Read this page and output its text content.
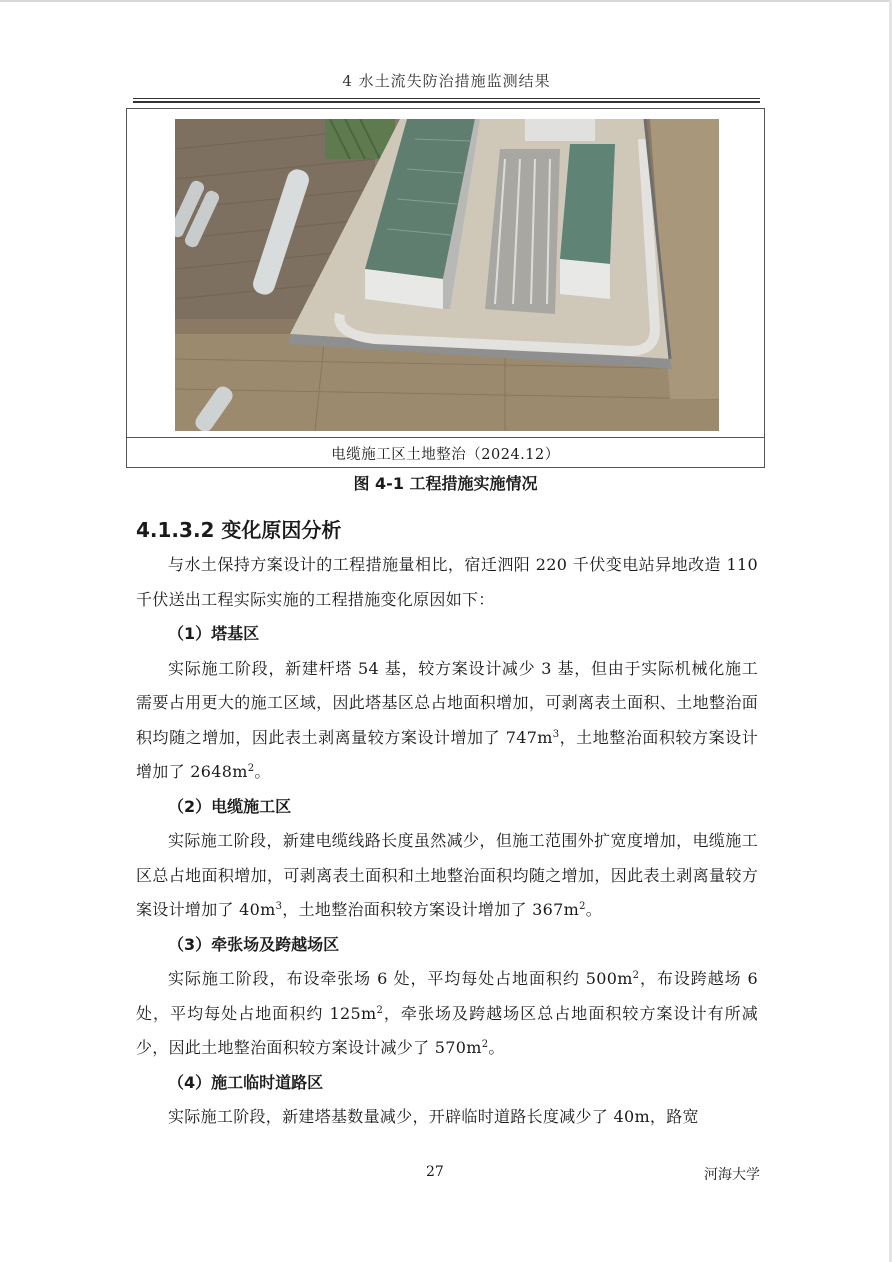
4 水土流失防治措施监测结果
电缆施工区土地整治（2024.12）
图 4-1 工程措施实施情况
4.1.3.2 变化原因分析

与水土保持方案设计的工程措施量相比，宿迁泗阳 220 千伏变电站异地改造 110 千伏送出工程实际实施的工程措施变化原因如下：

（1）塔基区

实际施工阶段，新建杆塔 54 基，较方案设计减少 3 基，但由于实际机械化施工需要占用更大的施工区域，因此塔基区总占地面积增加，可剥离表土面积、土地整治面积均随之增加，因此表土剥离量较方案设计增加了 $747m^3$，土地整治面积较方案设计增加了 $2648m^2$。

（2）电缆施工区

实际施工阶段，新建电缆线路长度虽然减少，但施工范围外扩宽度增加，电缆施工区总占地面积增加，可剥离表土面积和土地整治面积均随之增加，因此表土剥离量较方案设计增加了 $40m^3$，土地整治面积较方案设计增加了 $367m^2$。

（3）牵张场及跨越场区

实际施工阶段，布设牵张场 6 处，平均每处占地面积约 $500m^2$，布设跨越场 6 处，平均每处占地面积约 $125m^2$，牵张场及跨越场区总占地面积较方案设计有所减少，因此土地整治面积较方案设计减少了 $570m^2$。

（4）施工临时道路区

实际施工阶段，新建塔基数量减少，开辟临时道路长度减少了 40m，路宽

27	河海大学
